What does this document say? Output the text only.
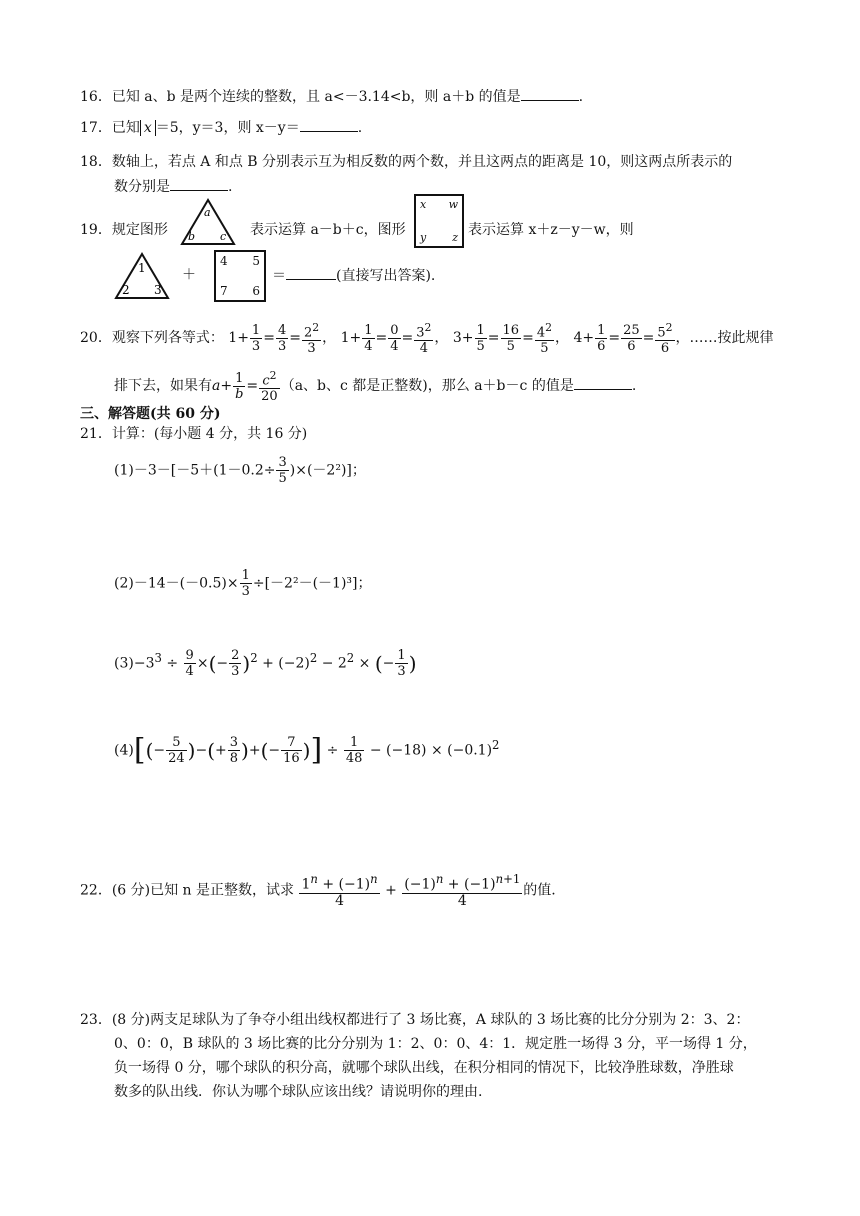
16．已知 a、b 是两个连续的整数，且 a<－3.14<b，则 a＋b 的值是	.
17．已知 x ＝5，y＝3，则 x－y＝	.
18．数轴上，若点 A 和点 B 分别表示互为相反数的两个数，并且这两点的距离是 10，则这两点所表示的
数分别是	.
19．规定图形
a
b c 表示运算 a－b＋c，图形
x w
y z 表示运算 x＋z－y－w，则
1
2 3
＋
4 5
7 6
＝	(直接写出答案).
20．观察下列各等式： $1+ \frac{1}{3} = \frac{4}{3} = \frac{2^2}{3}$ ， $1+ \frac{1}{4} = \frac{0}{4} = \frac{3^2}{4}$ ， $3+ \frac{1}{5} = \frac{16}{5} = \frac{4^2}{5}$ ， $4+ \frac{1}{6} = \frac{25}{6} = \frac{5^2}{6}$ ，……按此规律
排下去，如果有$a+ \frac{1}{b} = \frac{c^2}{20} (a$、b、c 都是正整数)，那么 a＋b－c 的值是	.
三、解答题(共 60 分)
21．计算：(每小题 4 分，共 16 分)
$(1)-3-[-5+(1-0.2\div \frac{3}{5} )\times(-2^2)]$；
$(2)-14-(-0.5)\times \frac{1}{3} \div[-2^2-(-1)^3]$；
$(3)-3^3 \div \frac{9}{4}$ ×(− $\frac{2}{3} )^2 + (-2)^2 - 2^2$ × (− $\frac{1}{3}$ )
$(4)[(- \frac{5}{24}$ )−(+ $\frac{3}{8}$ )+(− $\frac{7}{16}$ )] ÷ $\frac{1}{48} - (-18) \times (-0.1)^2$
22．(6 分)已知 n 是正整数，试求 $\frac{1^n + (-1)^n}{4} + \frac{(-1)^n + (-1)^{n+1}}{4}$ 的值.
23．(8 分)两支足球队为了争夺小组出线权都进行了 3 场比赛，A 球队的 3 场比赛的比分分别为 2：3、2：
0、0：0，B 球队的 3 场比赛的比分分别为 1：2、0：0、4：1．规定胜一场得 3 分，平一场得 1 分，
负一场得 0 分，哪个球队的积分高，就哪个球队出线，在积分相同的情况下，比较净胜球数，净胜球
数多的队出线．你认为哪个球队应该出线？请说明你的理由.
